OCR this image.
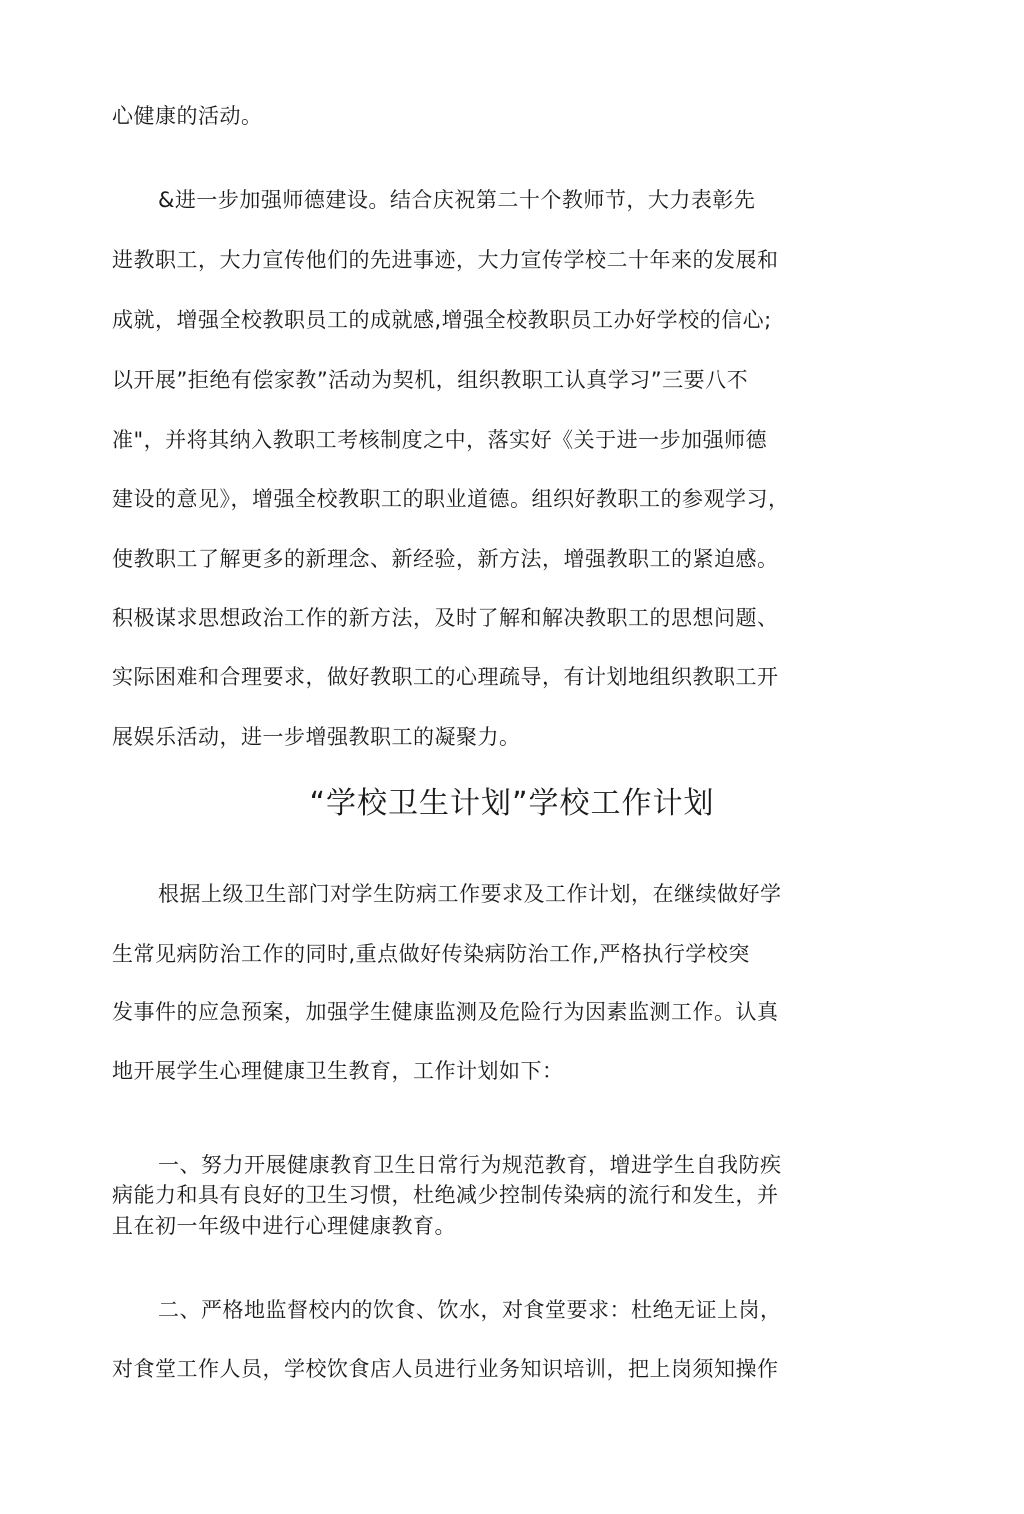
心健康的活动。
&进一步加强师德建设。结合庆祝第二十个教师节，大力表彰先
进教职工，大力宣传他们的先进事迹，大力宣传学校二十年来的发展和
成就，增强全校教职员工的成就感,增强全校教职员工办好学校的信心;
以开展”拒绝有偿家教”活动为契机，组织教职工认真学习”三要八不
准"，并将其纳入教职工考核制度之中，落实好《关于进一步加强师德
建设的意见》，增强全校教职工的职业道德。组织好教职工的参观学习，
使教职工了解更多的新理念、新经验，新方法，增强教职工的紧迫感。
积极谋求思想政治工作的新方法，及时了解和解决教职工的思想问题、
实际困难和合理要求，做好教职工的心理疏导，有计划地组织教职工开
展娱乐活动，进一步增强教职工的凝聚力。
“学校卫生计划”学校工作计划
根据上级卫生部门对学生防病工作要求及工作计划，在继续做好学
生常见病防治工作的同时,重点做好传染病防治工作,严格执行学校突
发事件的应急预案，加强学生健康监测及危险行为因素监测工作。认真
地开展学生心理健康卫生教育，工作计划如下：
一、努力开展健康教育卫生日常行为规范教育，增进学生自我防疾
病能力和具有良好的卫生习惯，杜绝减少控制传染病的流行和发生，并
且在初一年级中进行心理健康教育。
二、严格地监督校内的饮食、饮水，对食堂要求：杜绝无证上岗，
对食堂工作人员，学校饮食店人员进行业务知识培训，把上岗须知操作
